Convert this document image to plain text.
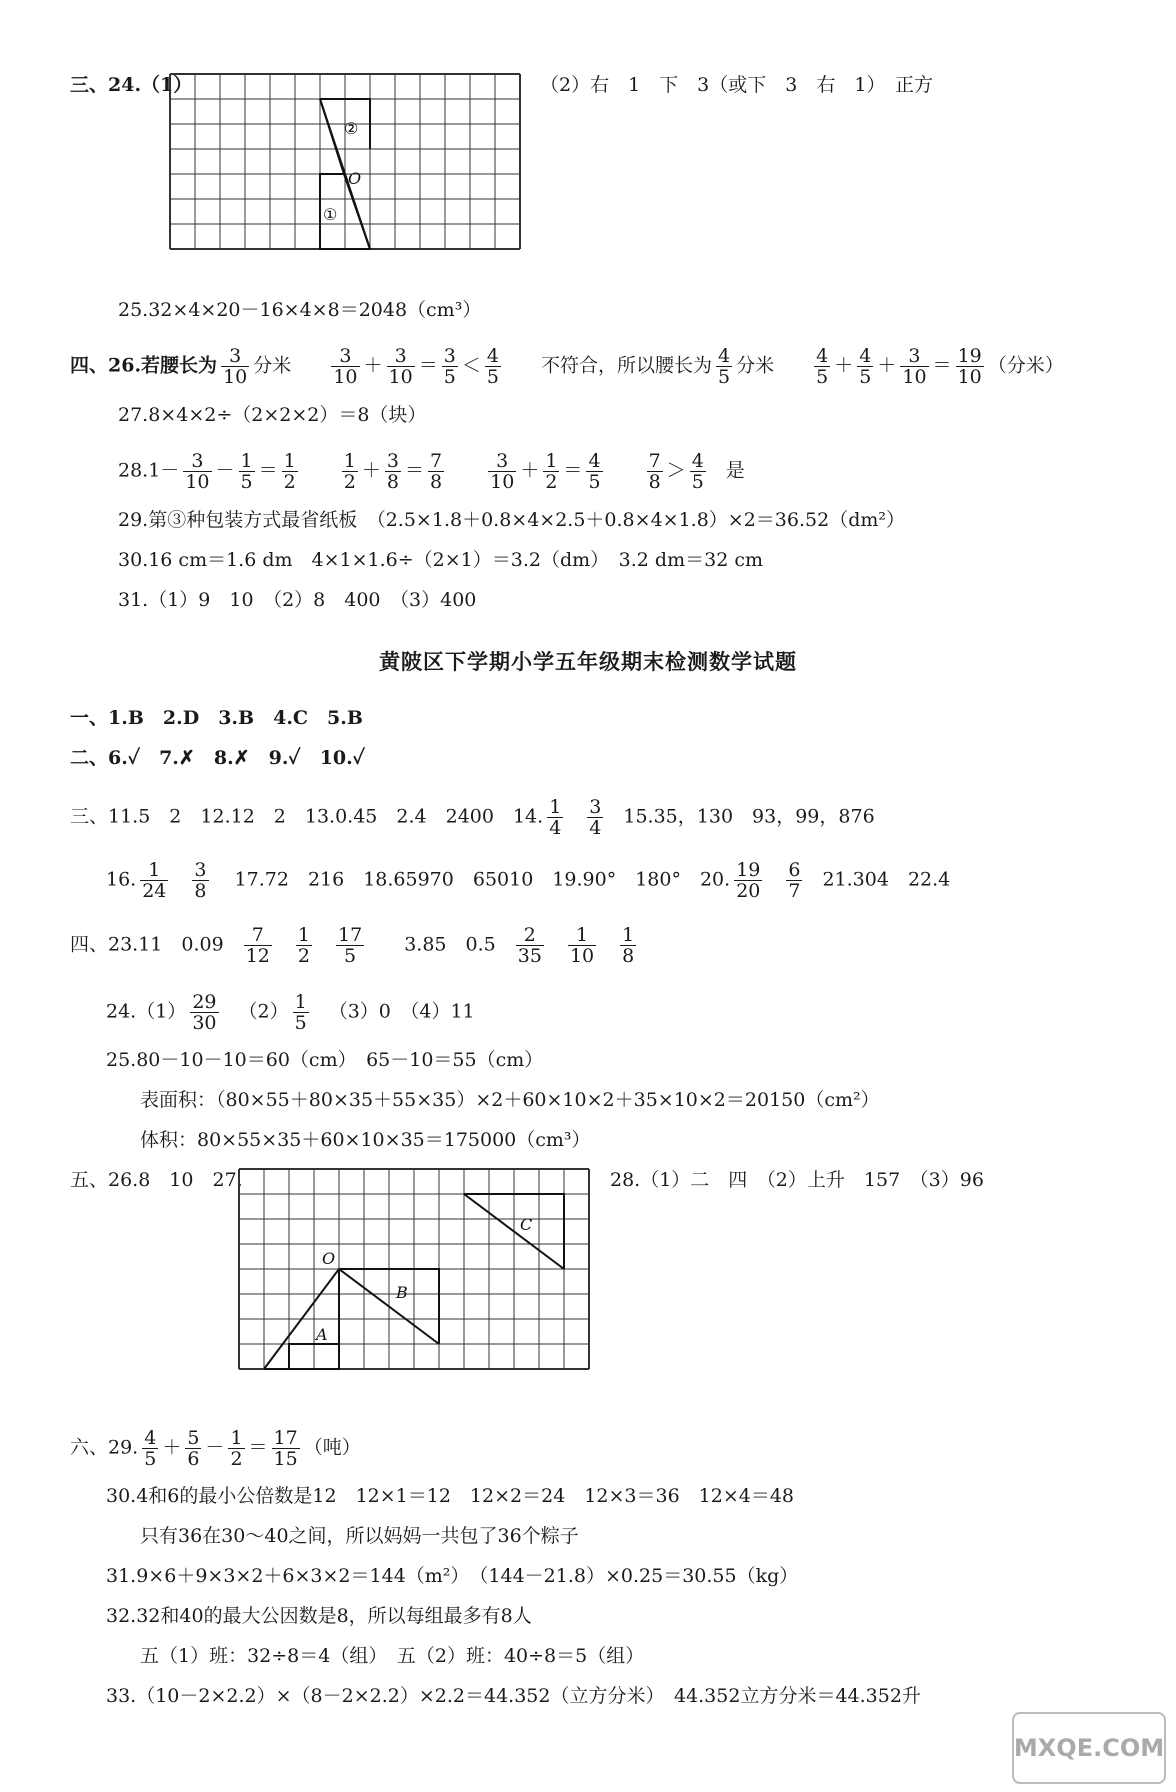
三、24.（1）
②
O
①
（2）右　1　下　3（或下　3　右　1）　正方
25.32×4×20－16×4×8＝2048（cm³）
四、26.若腰长为 $\frac{3}{10}$ 分米 $\frac{3}{10} + \frac{3}{10} = \frac{3}{5} < \frac{4}{5}$ 不符合，所以腰长为 $\frac{4}{5}$ 分米 $\frac{4}{5} + \frac{4}{5} + \frac{3}{10} = \frac{19}{10}$ （分米）
27.8×4×2÷（2×2×2）＝8（块）
$28.1- \frac{3}{10} - \frac{1}{5} = \frac{1}{2}$
$\frac{1}{2} + \frac{3}{8} = \frac{7}{8}$
$\frac{3}{10} + \frac{1}{2} = \frac{4}{5}$
$\frac{7}{8} > \frac{4}{5}$ 是
29.第③种包装方式最省纸板　（2.5×1.8＋0.8×4×2.5＋0.8×4×1.8）×2＝36.52（dm²）
30.16 cm＝1.6 dm　4×1×1.6÷（2×1）＝3.2（dm）　3.2 dm＝32 cm
31.（1）9　10　（2）8　400　（3）400
黄陂区下学期小学五年级期末检测数学试题
一、1.B　2.D　3.B　4.C　5.B
二、6.✓　7.✗　8.✗　9.✓　10.✓
三、11.5　2　12.12　2　13.0.45　2.4　2400　14. $\frac{1}{4} \frac{3}{4} 15.35$，130　93，99，876
16. $\frac{1}{24} \frac{3}{8} 17.72$　216　18.65970　65010　19.90°　180°　20. $\frac{19}{20} \frac{6}{7} 21.304$　22.4
四、23.11　$0.09 \frac{7}{12} \frac{1}{2} \frac{17}{5} 3.85$　$0.5 \frac{2}{35} \frac{1}{10} \frac{1}{8}$
$24.(1) \frac{29}{30} (2) \frac{1}{5} (3)0$　（4）11
25.80－10－10＝60（cm）　65－10＝55（cm）
表面积：（80×55＋80×35＋55×35）×2＋60×10×2＋35×10×2＝20150（cm²）
体积：80×55×35＋60×10×35＝175000（cm³）
五、26.8　10　27.
O
B
A
C
28.（1）二　四　（2）上升　157　（3）96
六、29. $\frac{4}{5} + \frac{5}{6} - \frac{1}{2} = \frac{17}{15}$ （吨）
30.4和6的最小公倍数是12　12×1＝12　12×2＝24　12×3＝36　12×4＝48
只有36在30～40之间，所以妈妈一共包了36个粽子
31.9×6＋9×3×2＋6×3×2＝144（m²）　（144－21.8）×0.25＝30.55（kg）
32.32和40的最大公因数是8，所以每组最多有8人
五（1）班：32÷8＝4（组）　五（2）班：40÷8＝5（组）
33.（10－2×2.2）×（8－2×2.2）×2.2＝44.352（立方分米）　44.352立方分米＝44.352升
MXQE.COM
